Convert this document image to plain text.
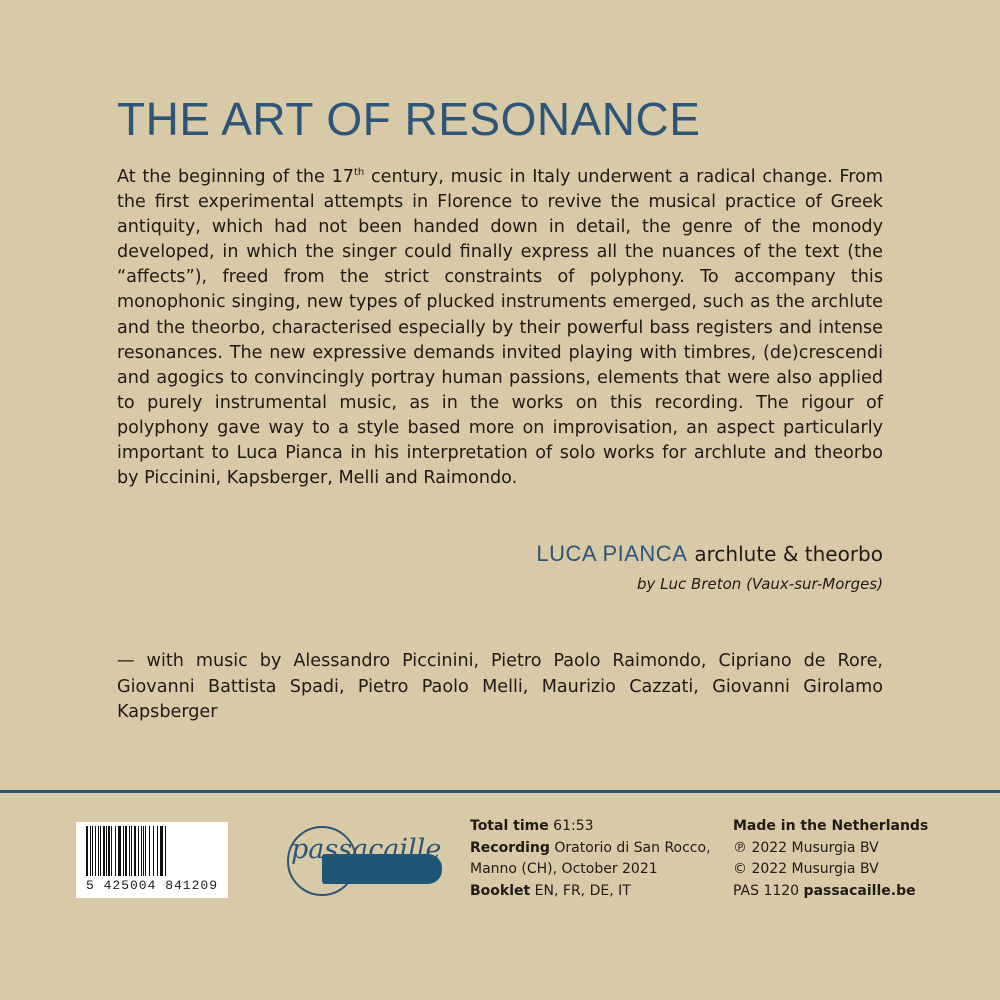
THE ART OF RESONANCE

At the beginning of the 17th century, music in Italy underwent a radical change. From the first experimental attempts in Florence to revive the musical practice of Greek antiquity, which had not been handed down in detail, the genre of the monody developed, in which the singer could finally express all the nuances of the text (the “affects”), freed from the strict constraints of polyphony. To accompany this monophonic singing, new types of plucked instruments emerged, such as the archlute and the theorbo, characterised especially by their powerful bass registers and intense resonances. The new expressive demands invited playing with timbres, (de)crescendi and agogics to convincingly portray human passions, elements that were also applied to purely instrumental music, as in the works on this recording. The rigour of polyphony gave way to a style based more on improvisation, an aspect particularly important to Luca Pianca in his interpretation of solo works for archlute and theorbo by Piccinini, Kapsberger, Melli and Raimondo.

LUCA PIANCA archlute & theorbo
by Luc Breton (Vaux-sur-Morges)

— with music by Alessandro Piccinini, Pietro Paolo Raimondo, Cipriano de Rore, Giovanni Battista Spadi, Pietro Paolo Melli, Maurizio Cazzati, Giovanni Girolamo Kapsberger

5 425004 841209
passacaille
Total time 61:53
Recording Oratorio di San Rocco,
Manno (CH), October 2021
Booklet EN, FR, DE, IT
Made in the Netherlands
℗ 2022 Musurgia BV
© 2022 Musurgia BV
PAS 1120 passacaille.be
